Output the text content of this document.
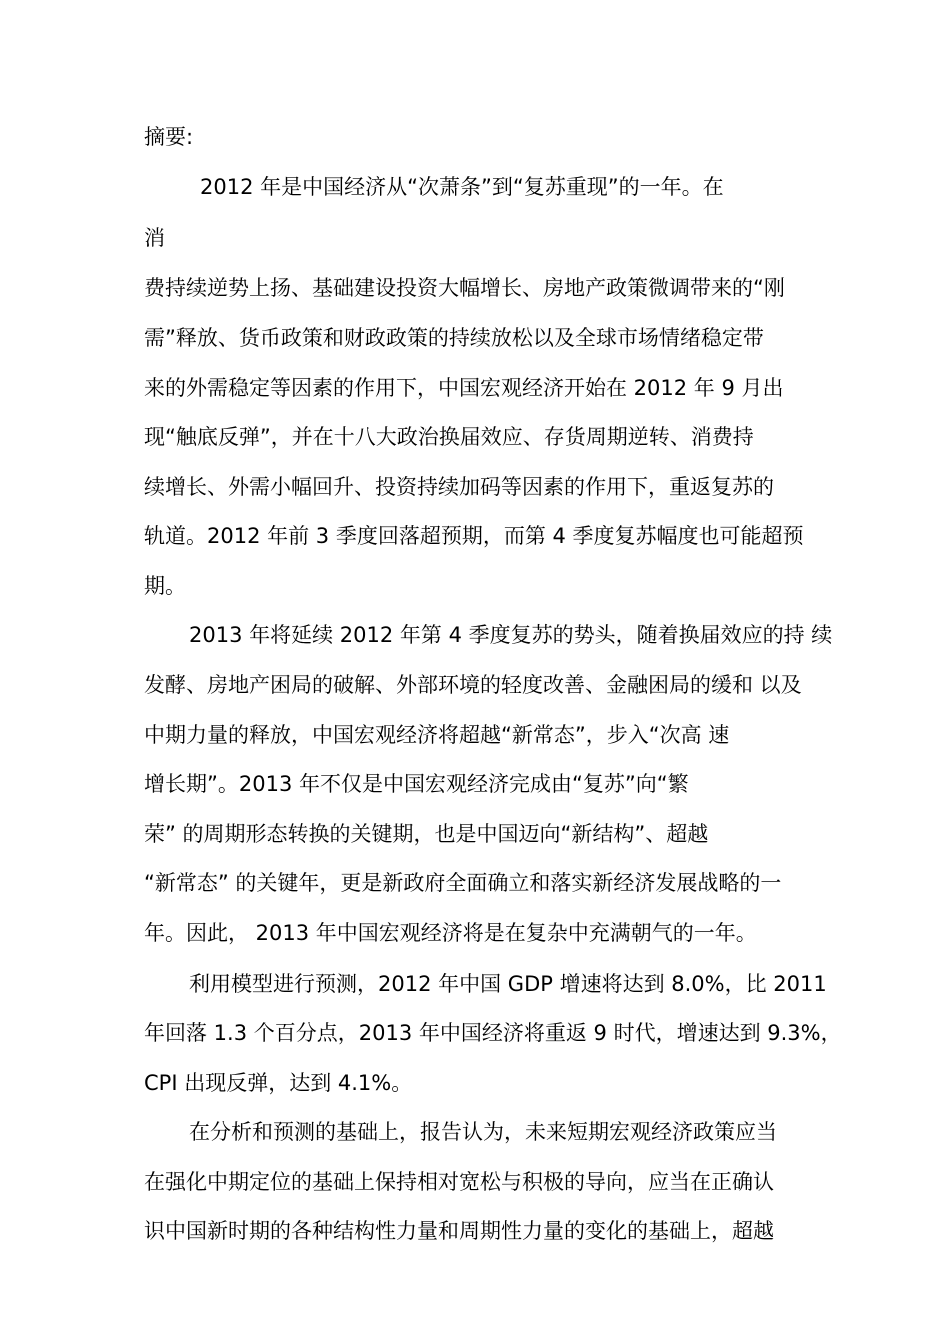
摘要:
2012 年是中国经济从“次萧条”到“复苏重现”的一年。在
消
费持续逆势上扬、基础建设投资大幅增长、房地产政策微调带来的“刚
需”释放、货币政策和财政政策的持续放松以及全球市场情绪稳定带
来的外需稳定等因素的作用下，中国宏观经济开始在 2012 年 9 月出
现“触底反弹”，并在十八大政治换届效应、存货周期逆转、消费持
续增长、外需小幅回升、投资持续加码等因素的作用下，重返复苏的
轨道。2012 年前 3 季度回落超预期，而第 4 季度复苏幅度也可能超预
期。
2013 年将延续 2012 年第 4 季度复苏的势头，随着换届效应的持 续
发酵、房地产困局的破解、外部环境的轻度改善、金融困局的缓和 以及
中期力量的释放，中国宏观经济将超越“新常态”，步入“次高 速
增长期”。2013 年不仅是中国宏观经济完成由“复苏”向“繁
荣” 的周期形态转换的关键期，也是中国迈向“新结构”、超越
“新常态” 的关键年，更是新政府全面确立和落实新经济发展战略的一
年。因此， 2013 年中国宏观经济将是在复杂中充满朝气的一年。
利用模型进行预测，2012 年中国 GDP 增速将达到 8.0%，比 2011
年回落 1.3 个百分点，2013 年中国经济将重返 9 时代，增速达到 9.3%，
CPI 出现反弹，达到 4.1%。
在分析和预测的基础上，报告认为，未来短期宏观经济政策应当
在强化中期定位的基础上保持相对宽松与积极的导向，应当在正确认
识中国新时期的各种结构性力量和周期性力量的变化的基础上，超越
